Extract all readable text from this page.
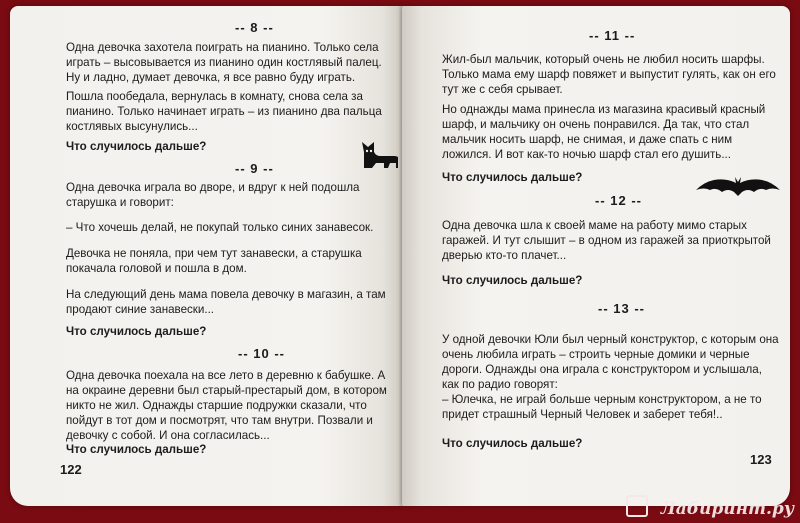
-- 8 --

Одна девочка захотела поиграть на пианино. Только села играть – высовывается из пианино один костлявый палец. Ну и ладно, думает девочка, я все равно буду играть.

Пошла пообедала, вернулась в комнату, снова села за пианино. Только начинает играть – из пианино два пальца костлявых высунулись...

Что случилось дальше?
-- 9 --

Одна девочка играла во дворе, и вдруг к ней подошла старушка и говорит:

– Что хочешь делай, не покупай только синих занавесок.

Девочка не поняла, при чем тут занавески, а старушка покачала головой и пошла в дом.

На следующий день мама повела девочку в магазин, а там продают синие занавески...

Что случилось дальше?
-- 10 --

Одна девочка поехала на все лето в деревню к бабушке. А на окраине деревни был старый-престарый дом, в котором никто не жил. Однажды старшие подружки сказали, что пойдут в тот дом и посмотрят, что там внутри. Позвали и девочку с собой. И она согласилась...

Что случилось дальше?
122
-- 11 --

Жил-был мальчик, который очень не любил носить шарфы. Только мама ему шарф повяжет и выпустит гулять, как он его тут же с себя срывает.

Но однажды мама принесла из магазина красивый красный шарф, и мальчику он очень понравился. Да так, что стал мальчик носить шарф, не снимая, и даже спать с ним ложился. И вот как-то ночью шарф стал его душить...

Что случилось дальше?
-- 12 --

Одна девочка шла к своей маме на работу мимо старых гаражей. И тут слышит – в одном из гаражей за приоткрытой дверью кто-то плачет...

Что случилось дальше?
-- 13 --

У одной девочки Юли был черный конструктор, с которым она очень любила играть – строить черные домики и черные дороги. Однажды она играла с конструктором и услышала, как по радио говорят:

– Юлечка, не играй больше черным конструктором, а не то придет страшный Черный Человек и заберет тебя!..

Что случилось дальше?
123
Лабиринт.ру
